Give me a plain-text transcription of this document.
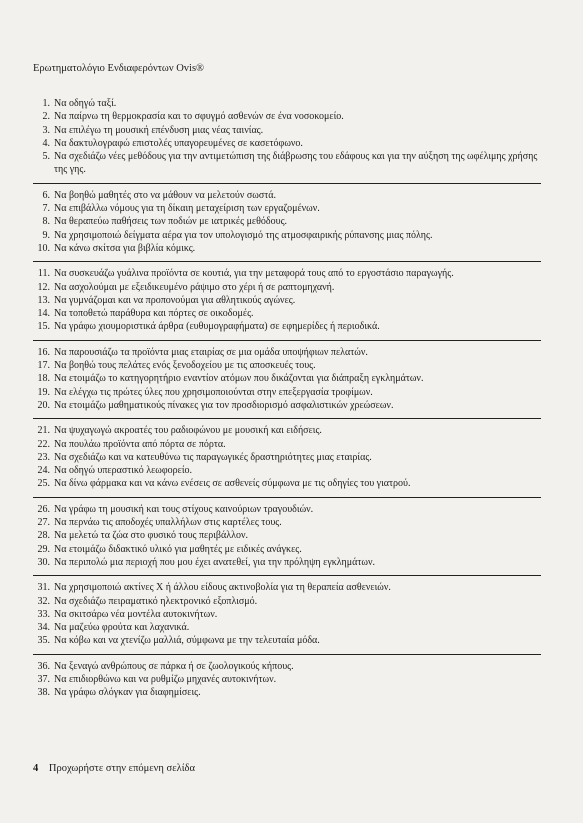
Ερωτηματολόγιο Ενδιαφερόντων Ovis®
1. Να οδηγώ ταξί.
2. Να παίρνω τη θερμοκρασία και το σφυγμό ασθενών σε ένα νοσοκομείο.
3. Να επιλέγω τη μουσική επένδυση μιας νέας ταινίας.
4. Να δακτυλογραφώ επιστολές υπαγορευμένες σε κασετόφωνο.
5. Να σχεδιάζω νέες μεθόδους για την αντιμετώπιση της διάβρωσης του εδάφους και για την αύξηση της ωφέλιμης χρήσης της γης.
6. Να βοηθώ μαθητές στο να μάθουν να μελετούν σωστά.
7. Να επιβάλλω νόμους για τη δίκαιη μεταχείριση των εργαζομένων.
8. Να θεραπεύω παθήσεις των ποδιών με ιατρικές μεθόδους.
9. Να χρησιμοποιώ δείγματα αέρα για τον υπολογισμό της ατμοσφαιρικής ρύπανσης μιας πόλης.
10. Να κάνω σκίτσα για βιβλία κόμικς.
11. Να συσκευάζω γυάλινα προϊόντα σε κουτιά, για την μεταφορά τους από το εργοστάσιο παραγωγής.
12. Να ασχολούμαι με εξειδικευμένο ράψιμο στο χέρι ή σε ραπτομηχανή.
13. Να γυμνάζομαι και να προπονούμαι για αθλητικούς αγώνες.
14. Να τοποθετώ παράθυρα και πόρτες σε οικοδομές.
15. Να γράφω χιουμοριστικά άρθρα (ευθυμογραφήματα) σε εφημερίδες ή περιοδικά.
16. Να παρουσιάζω τα προϊόντα μιας εταιρίας σε μια ομάδα υποψήφιων πελατών.
17. Να βοηθώ τους πελάτες ενός ξενοδοχείου με τις αποσκευές τους.
18. Να ετοιμάζω το κατηγορητήριο εναντίον ατόμων που δικάζονται για διάπραξη εγκλημάτων.
19. Να ελέγχω τις πρώτες ύλες που χρησιμοποιούνται στην επεξεργασία τροφίμων.
20. Να ετοιμάζω μαθηματικούς πίνακες για τον προσδιορισμό ασφαλιστικών χρεώσεων.
21. Να ψυχαγωγώ ακροατές του ραδιοφώνου με μουσική και ειδήσεις.
22. Να πουλάω προϊόντα από πόρτα σε πόρτα.
23. Να σχεδιάζω και να κατευθύνω τις παραγωγικές δραστηριότητες μιας εταιρίας.
24. Να οδηγώ υπεραστικό λεωφορείο.
25. Να δίνω φάρμακα και να κάνω ενέσεις σε ασθενείς σύμφωνα με τις οδηγίες του γιατρού.
26. Να γράφω τη μουσική και τους στίχους καινούριων τραγουδιών.
27. Να περνάω τις αποδοχές υπαλλήλων στις καρτέλες τους.
28. Να μελετώ τα ζώα στο φυσικό τους περιβάλλον.
29. Να ετοιμάζω διδακτικό υλικό για μαθητές με ειδικές ανάγκες.
30. Να περιπολώ μια περιοχή που μου έχει ανατεθεί, για την πρόληψη εγκλημάτων.
31. Να χρησιμοποιώ ακτίνες Χ ή άλλου είδους ακτινοβολία για τη θεραπεία ασθενειών.
32. Να σχεδιάζω πειραματικό ηλεκτρονικό εξοπλισμό.
33. Να σκιτσάρω νέα μοντέλα αυτοκινήτων.
34. Να μαζεύω φρούτα και λαχανικά.
35. Να κόβω και να χτενίζω μαλλιά, σύμφωνα με την τελευταία μόδα.
36. Να ξεναγώ ανθρώπους σε πάρκα ή σε ζωολογικούς κήπους.
37. Να επιδιορθώνω και να ρυθμίζω μηχανές αυτοκινήτων.
38. Να γράφω σλόγκαν για διαφημίσεις.
4 Προχωρήστε στην επόμενη σελίδα
